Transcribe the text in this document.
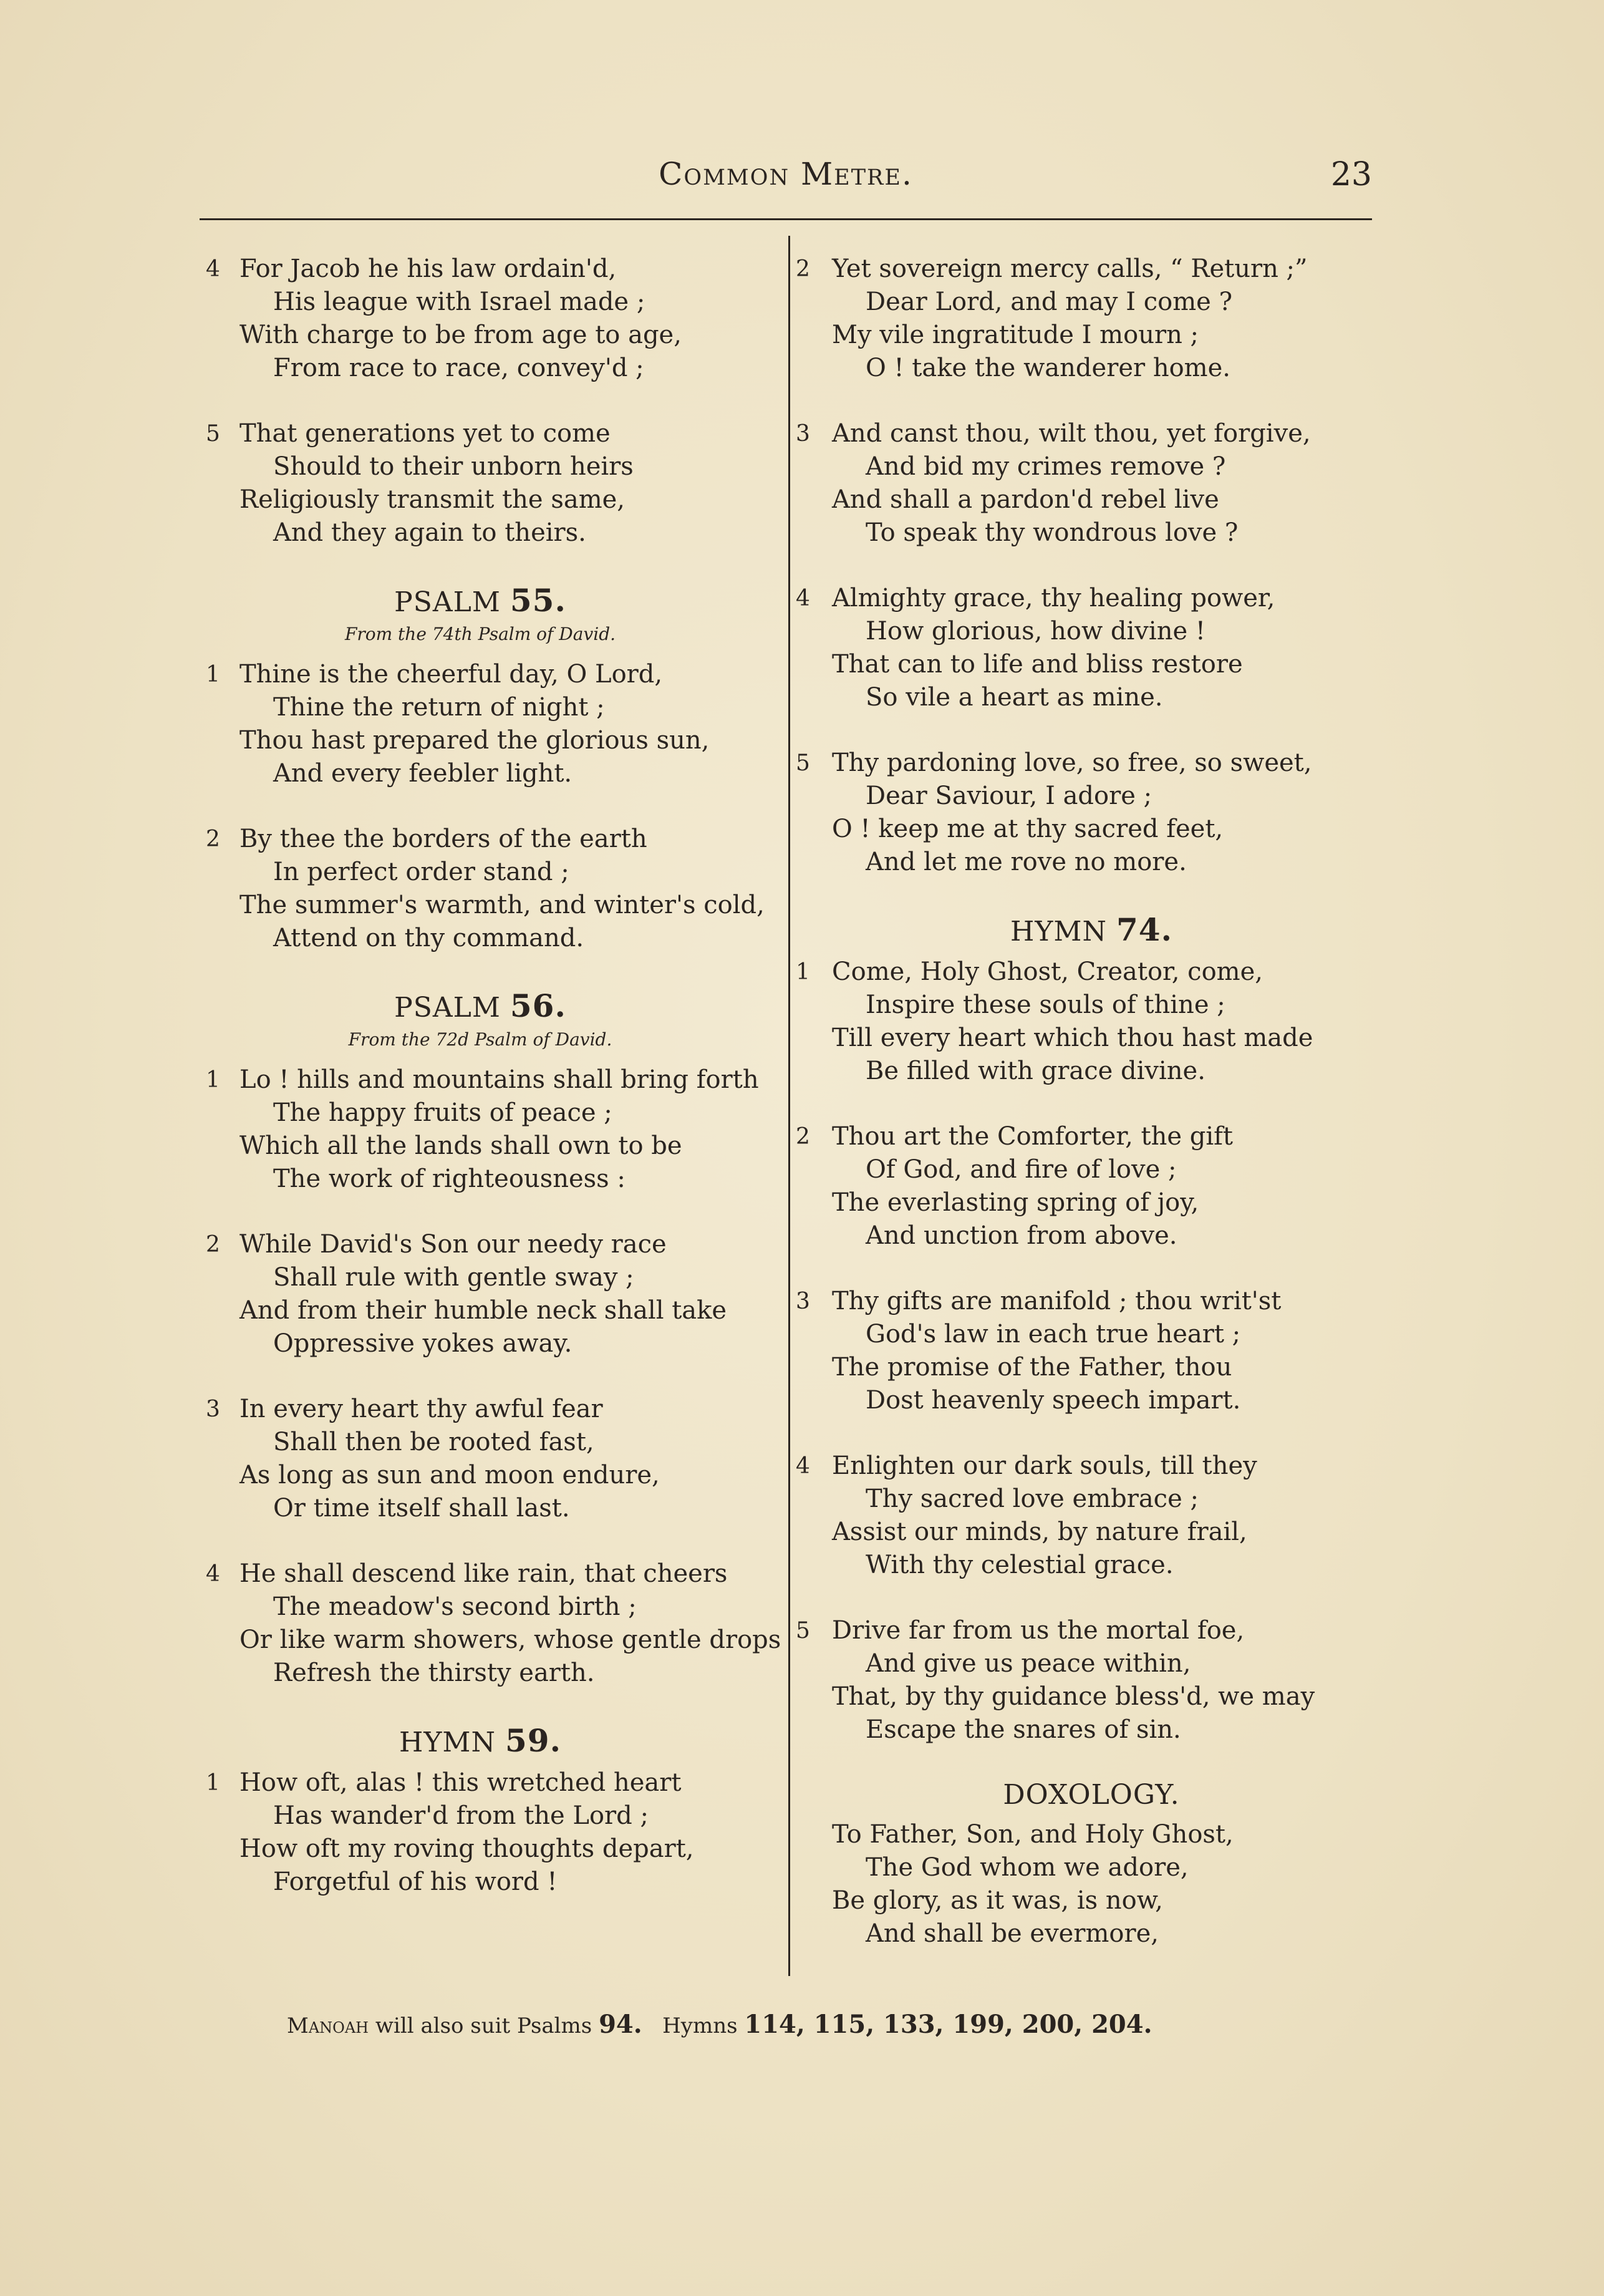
Common Metre.	23
4 For Jacob he his law ordain'd,
His league with Israel made ;
With charge to be from age to age,
From race to race, convey'd ;
5 That generations yet to come
Should to their unborn heirs
Religiously transmit the same,
And they again to theirs.
PSALM 55.
From the 74th Psalm of David.
1 Thine is the cheerful day, O Lord,
Thine the return of night ;
Thou hast prepared the glorious sun,
And every feebler light.
2 By thee the borders of the earth
In perfect order stand ;
The summer's warmth, and winter's cold,
Attend on thy command.
PSALM 56.
From the 72d Psalm of David.
1 Lo ! hills and mountains shall bring forth
The happy fruits of peace ;
Which all the lands shall own to be
The work of righteousness :
2 While David's Son our needy race
Shall rule with gentle sway ;
And from their humble neck shall take
Oppressive yokes away.
3 In every heart thy awful fear
Shall then be rooted fast,
As long as sun and moon endure,
Or time itself shall last.
4 He shall descend like rain, that cheers
The meadow's second birth ;
Or like warm showers, whose gentle drops
Refresh the thirsty earth.
HYMN 59.
1 How oft, alas ! this wretched heart
Has wander'd from the Lord ;
How oft my roving thoughts depart,
Forgetful of his word !
2 Yet sovereign mercy calls, “ Return ;”
Dear Lord, and may I come ?
My vile ingratitude I mourn ;
O ! take the wanderer home.
3 And canst thou, wilt thou, yet forgive,
And bid my crimes remove ?
And shall a pardon'd rebel live
To speak thy wondrous love ?
4 Almighty grace, thy healing power,
How glorious, how divine !
That can to life and bliss restore
So vile a heart as mine.
5 Thy pardoning love, so free, so sweet,
Dear Saviour, I adore ;
O ! keep me at thy sacred feet,
And let me rove no more.
HYMN 74.
1 Come, Holy Ghost, Creator, come,
Inspire these souls of thine ;
Till every heart which thou hast made
Be filled with grace divine.
2 Thou art the Comforter, the gift
Of God, and fire of love ;
The everlasting spring of joy,
And unction from above.
3 Thy gifts are manifold ; thou writ'st
God's law in each true heart ;
The promise of the Father, thou
Dost heavenly speech impart.
4 Enlighten our dark souls, till they
Thy sacred love embrace ;
Assist our minds, by nature frail,
With thy celestial grace.
5 Drive far from us the mortal foe,
And give us peace within,
That, by thy guidance bless'd, we may
Escape the snares of sin.
DOXOLOGY.
To Father, Son, and Holy Ghost,
The God whom we adore,
Be glory, as it was, is now,
And shall be evermore,
Manoah will also suit Psalms 94. Hymns 114, 115, 133, 199, 200, 204.
